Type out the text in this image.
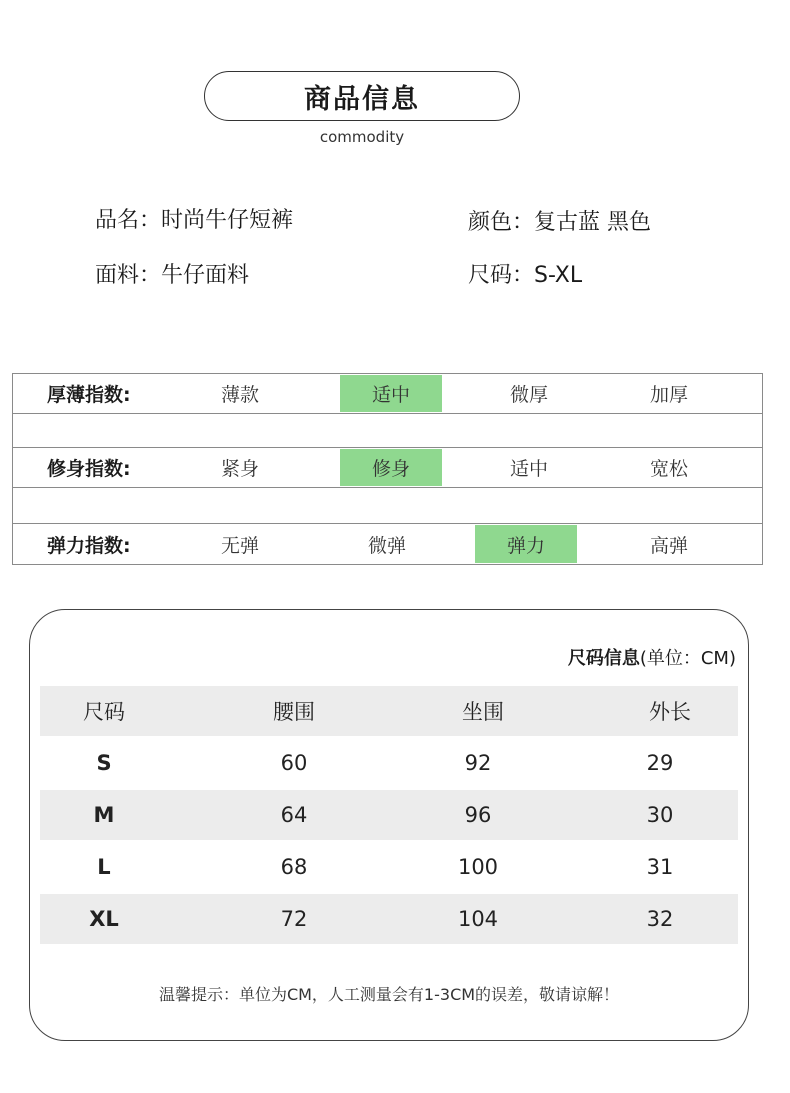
商品信息
commodity
品名：时尚牛仔短裤	颜色：复古蓝 黑色
面料：牛仔面料	尺码：S-XL
厚薄指数:	薄款	适中	微厚	加厚
修身指数:	紧身	修身	适中	宽松
弹力指数:	无弹	微弹	弹力	高弹
尺码信息(单位：CM)
尺码	腰围	坐围	外长
S	60	92	29
M	64	96	30
L	68	100	31
XL	72	104	32
温馨提示：单位为CM，人工测量会有1-3CM的误差，敬请谅解！
